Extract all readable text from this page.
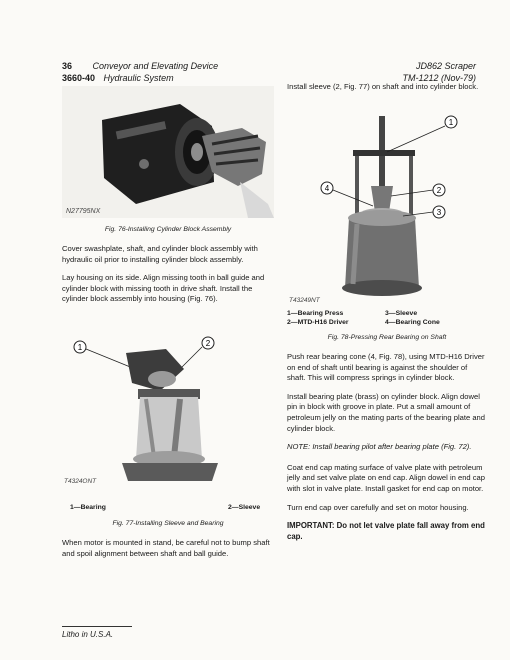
36 Conveyor and Elevating Device
3660-40 Hydraulic System
JD862 Scraper
TM-1212 (Nov-79)
N27795NX
Fig. 76-Installing Cylinder Block Assembly

Cover swashplate, shaft, and cylinder block assembly with hydraulic oil prior to installing cylinder block assembly.

Lay housing on its side. Align missing tooth in ball guide and cylinder block with missing tooth in drive shaft. Install the cylinder block assembly into housing (Fig. 76).

1	2
T4324ONT
1—Bearing	2—Sleeve
Fig. 77-Installing Sleeve and Bearing

When motor is mounted in stand, be careful not to bump shaft and spoil alignment between shaft and ball guide.

Install sleeve (2, Fig. 77) on shaft and into cylinder block.

1
2
3
4
T43249NT
1—Bearing Press
2—MTD-H16 Driver
3—Sleeve
4—Bearing Cone
Fig. 78-Pressing Rear Bearing on Shaft

Push rear bearing cone (4, Fig. 78), using MTD-H16 Driver on end of shaft until bearing is against the shoulder of shaft. This will compress springs in cylinder block.

Install bearing plate (brass) on cylinder block. Align dowel pin in block with groove in plate. Put a small amount of petroleum jelly on the mating parts of the bearing plate and cylinder block.

NOTE: Install bearing pilot after bearing plate (Fig. 72).

Coat end cap mating surface of valve plate with petroleum jelly and set valve plate on end cap. Align dowel in end cap with slot in valve plate. Install gasket for end cap on motor.

Turn end cap over carefully and set on motor housing.

IMPORTANT: Do not let valve plate fall away from end cap.

Litho in U.S.A.
